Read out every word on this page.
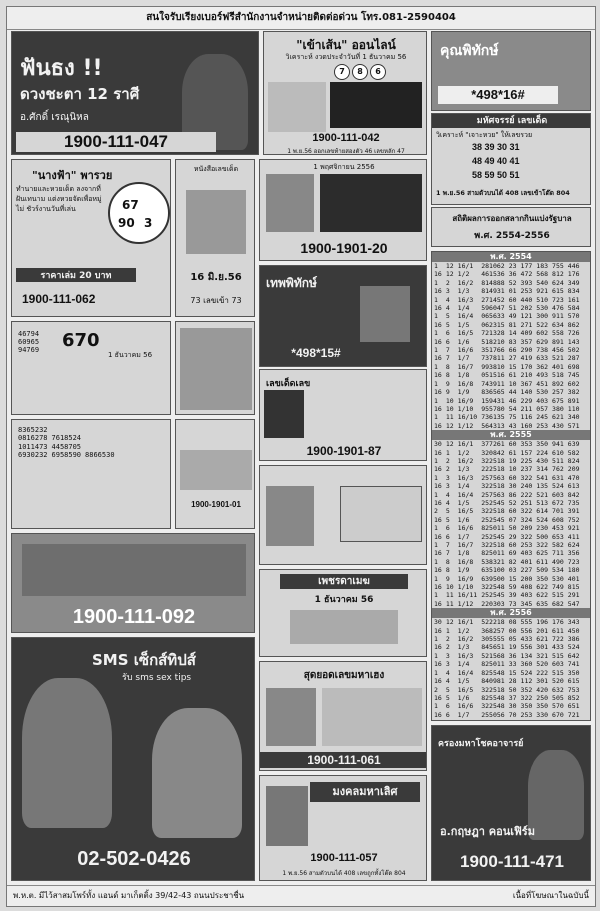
สนใจรับเรียงเบอร์ฟรีสำนักงานจำหน่ายติดต่อด่วน โทร.081-2590404
ฟันธง !!
ดวงชะตา 12 ราศี
อ.ศักดิ์ เรณุนิหล
1900-111-047
"เข้าเส้น" ออนไลน์
วิเคราะห์ งวดประจำวันที่ 1 ธันวาคม 56
7	8	6
1900-111-042
1 พ.ย.56 ออกเลขท้ายสองตัว 46 เลขหลัก 47
คุณพิทักษ์
*498*16#
มหัศจรรย์ เลขเด็ด
วิเคราะห์ "เจาะหวย" ให้เลขรวย
38 39 30 31
48 49 40 41
58 59 50 51
1 พ.ย.56 สามตัวบนได้ 408 เลขเข้าโต๊ด 804
"นางฟ้า" พารวย
ทำนายและหวยเด็ด ลงจากที่ฝันเทนาม แต่งหวยจัดเพื่อหมู่ไม่ ชัวร์งานวันที่เล่น	67
90 3
ราคาเล่ม 20 บาท
1900-111-062
หนังสือเลขเด็ด
16 มิ.ย.56
73 เลขเข้า 73
1 พฤศจิกายน 2556
1900-1901-20
สถิติผลการออกสลากกินแบ่งรัฐบาล
พ.ศ. 2554-2556
46794
60965
94769 670
1 ธันวาคม 56
เทพพิทักษ์
*498*15#
เลขเด็ดเลข
1900-1901-87
8365232		
0816278	7618524	
1011473	4458705	
6930232	6958590	8866530
1900-1901-01
1900-111-092
SMS เซ็กส์ทิปส์
รับ sms sex tips
02-502-0426
เพชรดาเมฆ
1 ธันวาคม 56
สุดยอดเลขมหาเฮง
1900-111-061
มงคลมหาเลิศ
1900-111-057
1 พ.ย.56 สามตัวบนได้ 408 เลขถูกทั้งโต๊ด 804
พ.ศ. 2554
1	12	16/1	281062	23	177	183	755	446
16	12	1/2	461536	36	472	568	812	176
1	2	16/2	814888	52	393	540	624	349
16	3	1/3	814931	01	253	921	615	834
1	4	16/3	271452	60	440	510	723	161
16	4	1/4	596047	51	202	530	476	584
1	5	16/4	065633	49	121	300	911	570
16	5	1/5	062315	81	271	522	634	862
1	6	16/5	721328	14	409	602	558	726
16	6	1/6	518210	83	357	629	891	143
1	7	16/6	351766	66	290	738	456	502
16	7	1/7	737811	27	419	633	521	287
1	8	16/7	993810	15	170	362	401	698
16	8	1/8	051516	61	210	493	518	745
1	9	16/8	743911	10	367	451	892	602
16	9	1/9	836565	44	140	530	257	382
1	10	16/9	159431	46	229	403	675	891
16	10	1/10	955780	54	211	057	380	110
1	11	16/10	736135	75	116	245	621	340
16	12	1/12	564313	43	160	253	430	571
พ.ศ. 2555
30	12	16/1	377261	60	353	350	941	639
16	1	1/2	320842	61	157	224	610	582
1	2	16/2	322518	19	225	430	511	824
16	2	1/3	222518	10	237	314	762	209
1	3	16/3	257563	60	322	541	631	470
16	3	1/4	322518	30	240	135	524	613
1	4	16/4	257563	86	222	521	603	842
16	4	1/5	252545	52	251	513	672	735
2	5	16/5	322518	60	322	614	701	391
16	5	1/6	252545	07	324	524	608	752
1	6	16/6	825011	50	209	230	453	921
16	6	1/7	252545	29	322	500	653	411
1	7	16/7	322518	60	253	322	582	624
16	7	1/8	825011	69	403	625	711	356
1	8	16/8	538321	82	401	611	490	723
16	8	1/9	635100	03	227	509	534	180
1	9	16/9	639500	15	200	350	530	401
16	10	1/10	322548	59	408	622	749	815
1	11	16/11	252545	39	403	622	515	291
16	11	1/12	220303	73	345	635	682	547
พ.ศ. 2556
30	12	16/1	522218	08	555	196	176	343
16	1	1/2	368257	00	556	201	611	450
1	2	16/2	305555	05	433	621	722	386
16	2	1/3	845651	19	556	301	433	524
1	3	16/3	521568	36	134	321	515	642
16	3	1/4	825011	33	360	520	603	741
1	4	16/4	825548	15	524	222	515	350
16	4	1/5	840981	28	112	301	520	615
2	5	16/5	322518	50	352	420	632	753
16	5	1/6	825548	37	322	250	505	852
1	6	16/6	322548	30	350	350	570	651
16	6	1/7	255056	70	253	330	670	721

ครองมหาโชคอาจารย์
อ.กฤษฎา คอนเฟิร์ม
1900-111-471
พ.ห.ต. มีไว้สาสมโพร์ทั้ง แอนด์ มาเก็ตติ้ง 39/42-43 ถนนประชาชื่น	เนื้อที่โฆษณาในฉบับนี้
